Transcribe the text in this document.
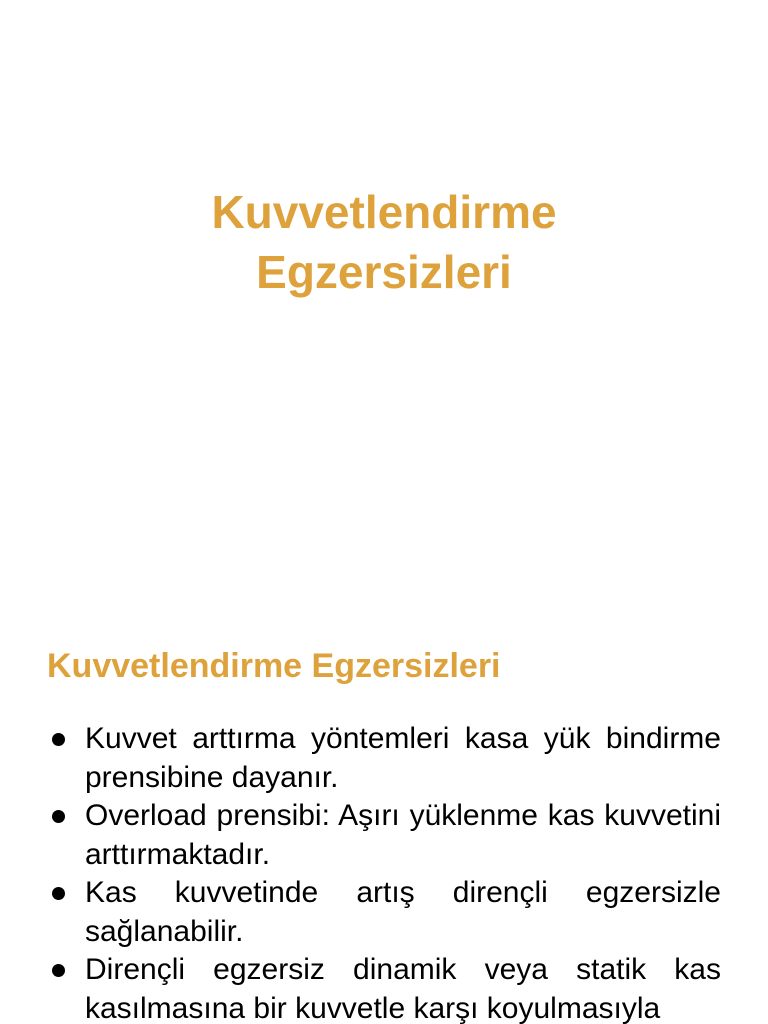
Kuvvetlendirme
Egzersizleri
Kuvvetlendirme Egzersizleri
Kuvvet arttırma yöntemleri kasa yük bindirme prensibine dayanır.
Overload prensibi: Aşırı yüklenme kas kuvvetini arttırmaktadır.
Kas kuvvetinde artış dirençli egzersizle sağlanabilir.
Dirençli egzersiz dinamik veya statik kas kasılmasına bir kuvvetle karşı koyulmasıyla
